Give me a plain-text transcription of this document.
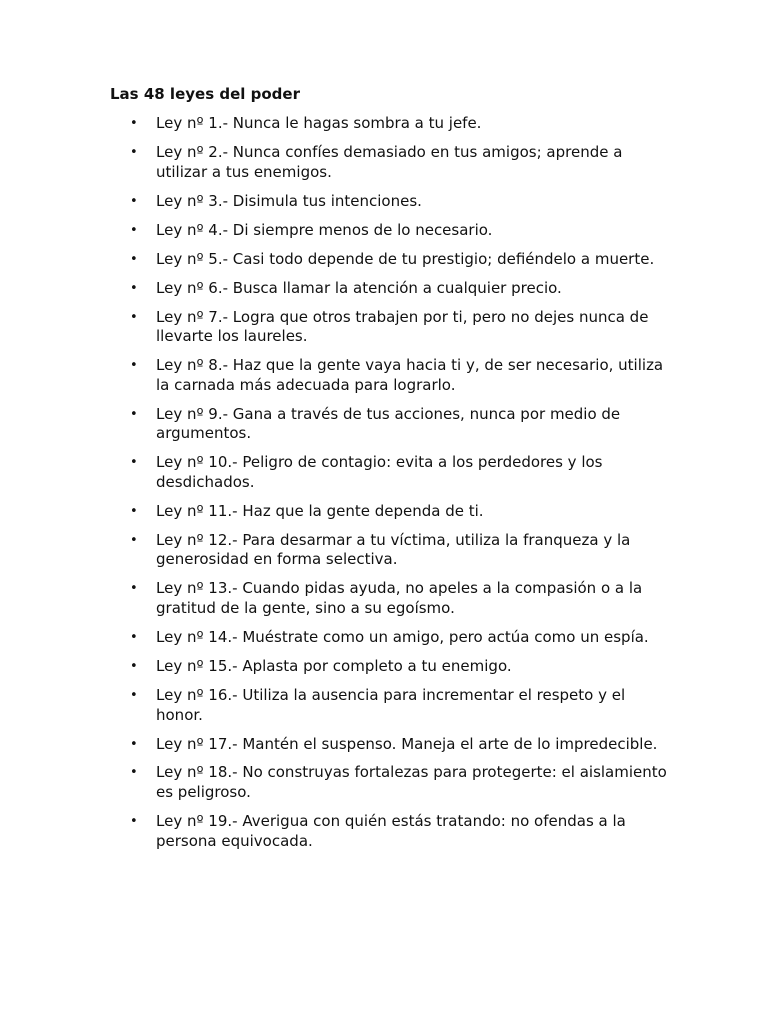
Las 48 leyes del poder
• Ley nº 1.- Nunca le hagas sombra a tu jefe.
• Ley nº 2.- Nunca confíes demasiado en tus amigos; aprende a utilizar a tus enemigos.
• Ley nº 3.- Disimula tus intenciones.
• Ley nº 4.- Di siempre menos de lo necesario.
• Ley nº 5.- Casi todo depende de tu prestigio; defiéndelo a muerte.
• Ley nº 6.- Busca llamar la atención a cualquier precio.
• Ley nº 7.- Logra que otros trabajen por ti, pero no dejes nunca de llevarte los laureles.
• Ley nº 8.- Haz que la gente vaya hacia ti y, de ser necesario, utiliza la carnada más adecuada para lograrlo.
• Ley nº 9.- Gana a través de tus acciones, nunca por medio de argumentos.
• Ley nº 10.- Peligro de contagio: evita a los perdedores y los desdichados.
• Ley nº 11.- Haz que la gente dependa de ti.
• Ley nº 12.- Para desarmar a tu víctima, utiliza la franqueza y la generosidad en forma selectiva.
• Ley nº 13.- Cuando pidas ayuda, no apeles a la compasión o a la gratitud de la gente, sino a su egoísmo.
• Ley nº 14.- Muéstrate como un amigo, pero actúa como un espía.
• Ley nº 15.- Aplasta por completo a tu enemigo.
• Ley nº 16.- Utiliza la ausencia para incrementar el respeto y el honor.
• Ley nº 17.- Mantén el suspenso. Maneja el arte de lo impredecible.
• Ley nº 18.- No construyas fortalezas para protegerte: el aislamiento es peligroso.
• Ley nº 19.- Averigua con quién estás tratando: no ofendas a la persona equivocada.
